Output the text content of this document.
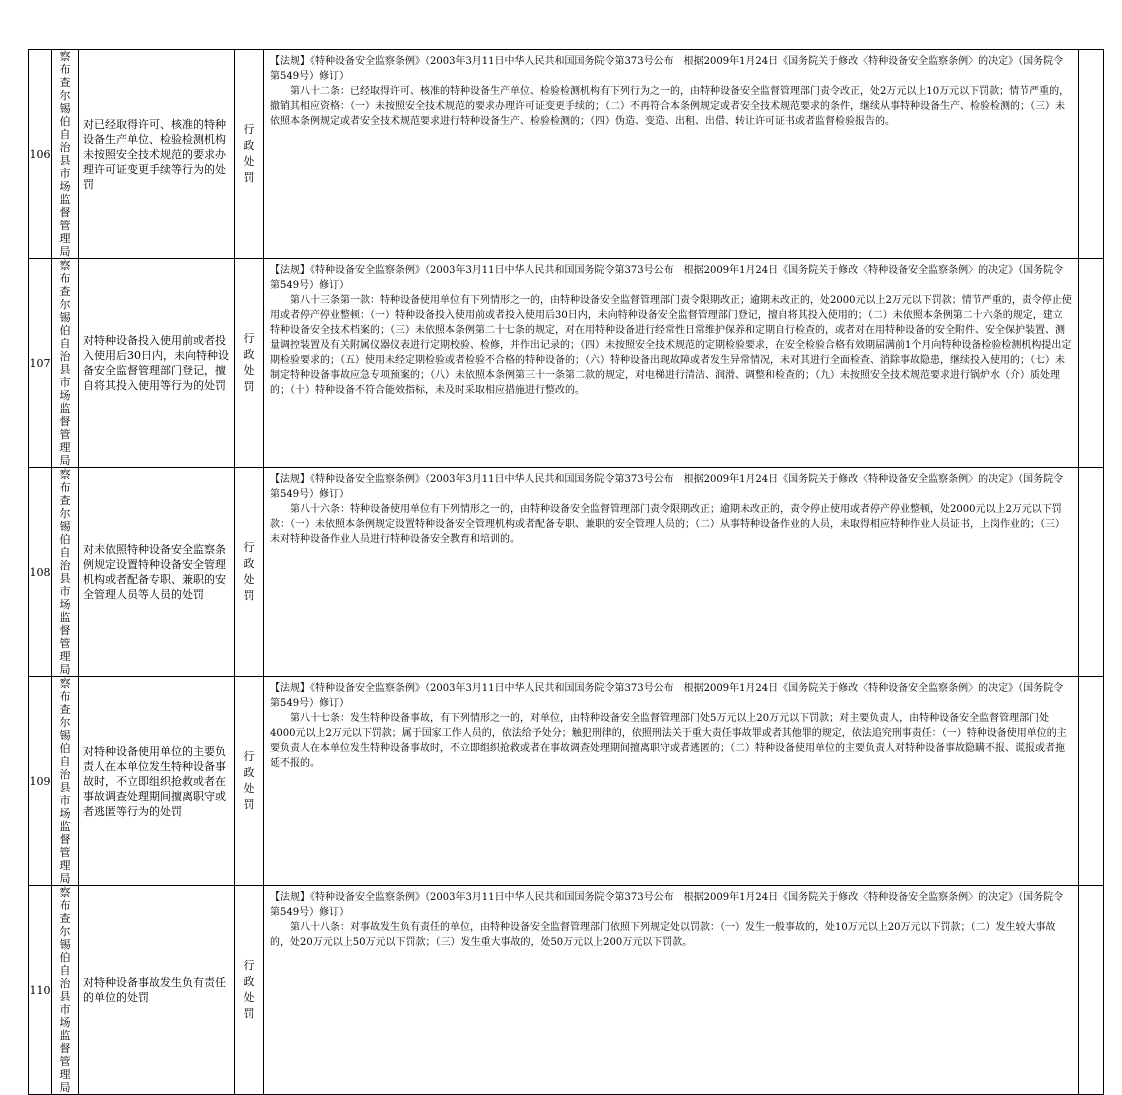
106	察布查尔锡伯自治县市场监督管理局	对已经取得许可、核准的特种设备生产单位、检验检测机构未按照安全技术规范的要求办理许可证变更手续等行为的处罚	行政处罚	【法规】《特种设备安全监察条例》（2003年3月11日中华人民共和国国务院令第373号公布　根据2009年1月24日《国务院关于修改〈特种设备安全监察条例〉的决定》（国务院令第549号）修订）

第八十二条：已经取得许可、核准的特种设备生产单位、检验检测机构有下列行为之一的，由特种设备安全监督管理部门责令改正，处2万元以上10万元以下罚款；情节严重的，撤销其相应资格：（一）未按照安全技术规范的要求办理许可证变更手续的；（二）不再符合本条例规定或者安全技术规范要求的条件，继续从事特种设备生产、检验检测的；（三）未依照本条例规定或者安全技术规范要求进行特种设备生产、检验检测的；（四）伪造、变造、出租、出借、转让许可证书或者监督检验报告的。	

107	察布查尔锡伯自治县市场监督管理局	对特种设备投入使用前或者投入使用后30日内，未向特种设备安全监督管理部门登记，擅自将其投入使用等行为的处罚	行政处罚	【法规】《特种设备安全监察条例》（2003年3月11日中华人民共和国国务院令第373号公布　根据2009年1月24日《国务院关于修改〈特种设备安全监察条例〉的决定》（国务院令第549号）修订）

第八十三条第一款：特种设备使用单位有下列情形之一的，由特种设备安全监督管理部门责令限期改正；逾期未改正的，处2000元以上2万元以下罚款；情节严重的，责令停止使用或者停产停业整顿：（一）特种设备投入使用前或者投入使用后30日内，未向特种设备安全监督管理部门登记，擅自将其投入使用的；（二）未依照本条例第二十六条的规定，建立特种设备安全技术档案的；（三）未依照本条例第二十七条的规定，对在用特种设备进行经常性日常维护保养和定期自行检查的，或者对在用特种设备的安全附件、安全保护装置、测量调控装置及有关附属仪器仪表进行定期校验、检修，并作出记录的；（四）未按照安全技术规范的定期检验要求，在安全检验合格有效期届满前1个月向特种设备检验检测机构提出定期检验要求的；（五）使用未经定期检验或者检验不合格的特种设备的；（六）特种设备出现故障或者发生异常情况，未对其进行全面检查、消除事故隐患，继续投入使用的；（七）未制定特种设备事故应急专项预案的；（八）未依照本条例第三十一条第二款的规定，对电梯进行清洁、润滑、调整和检查的；（九）未按照安全技术规范要求进行锅炉水（介）质处理的；（十）特种设备不符合能效指标，未及时采取相应措施进行整改的。	

108	察布查尔锡伯自治县市场监督管理局	对未依照特种设备安全监察条例规定设置特种设备安全管理机构或者配备专职、兼职的安全管理人员等人员的处罚	行政处罚	【法规】《特种设备安全监察条例》（2003年3月11日中华人民共和国国务院令第373号公布　根据2009年1月24日《国务院关于修改〈特种设备安全监察条例〉的决定》（国务院令第549号）修订）

第八十六条：特种设备使用单位有下列情形之一的，由特种设备安全监督管理部门责令限期改正；逾期未改正的，责令停止使用或者停产停业整顿，处2000元以上2万元以下罚款：（一）未依照本条例规定设置特种设备安全管理机构或者配备专职、兼职的安全管理人员的；（二）从事特种设备作业的人员，未取得相应特种作业人员证书，上岗作业的；（三）未对特种设备作业人员进行特种设备安全教育和培训的。	

109	察布查尔锡伯自治县市场监督管理局	对特种设备使用单位的主要负责人在本单位发生特种设备事故时，不立即组织抢救或者在事故调查处理期间擅离职守或者逃匿等行为的处罚	行政处罚	【法规】《特种设备安全监察条例》（2003年3月11日中华人民共和国国务院令第373号公布　根据2009年1月24日《国务院关于修改〈特种设备安全监察条例〉的决定》（国务院令第549号）修订）

第八十七条：发生特种设备事故，有下列情形之一的，对单位，由特种设备安全监督管理部门处5万元以上20万元以下罚款；对主要负责人，由特种设备安全监督管理部门处4000元以上2万元以下罚款；属于国家工作人员的，依法给予处分；触犯刑律的，依照刑法关于重大责任事故罪或者其他罪的规定，依法追究刑事责任：（一）特种设备使用单位的主要负责人在本单位发生特种设备事故时，不立即组织抢救或者在事故调查处理期间擅离职守或者逃匿的；（二）特种设备使用单位的主要负责人对特种设备事故隐瞒不报、谎报或者拖延不报的。	

110	察布查尔锡伯自治县市场监督管理局	对特种设备事故发生负有责任的单位的处罚	行政处罚	【法规】《特种设备安全监察条例》（2003年3月11日中华人民共和国国务院令第373号公布　根据2009年1月24日《国务院关于修改〈特种设备安全监察条例〉的决定》（国务院令第549号）修订）

第八十八条：对事故发生负有责任的单位，由特种设备安全监督管理部门依照下列规定处以罚款：（一）发生一般事故的，处10万元以上20万元以下罚款；（二）发生较大事故的，处20万元以上50万元以下罚款；（三）发生重大事故的，处50万元以上200万元以下罚款。	
